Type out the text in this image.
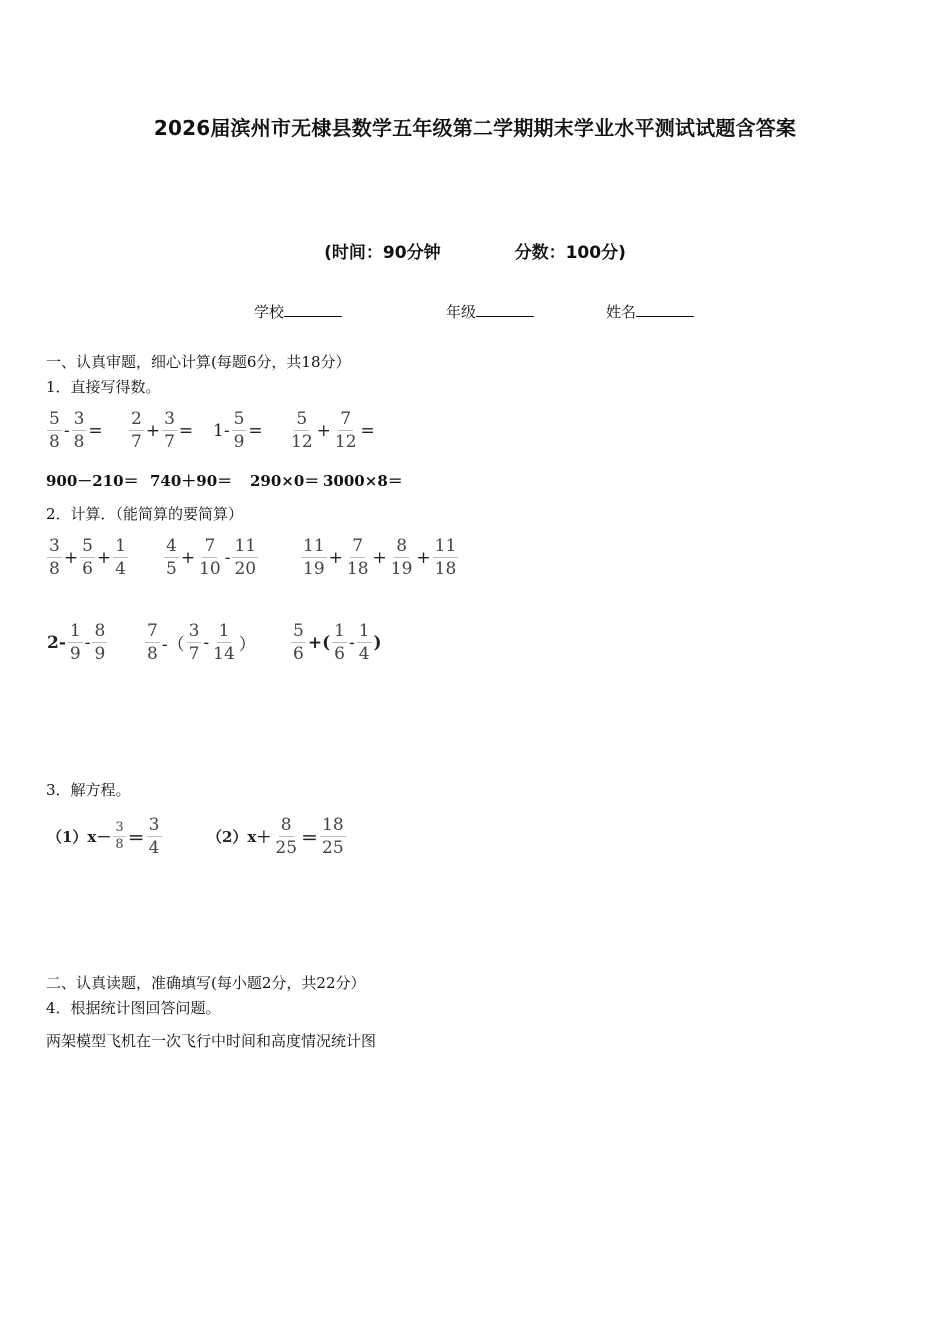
2026届滨州市无棣县数学五年级第二学期期末学业水平测试试题含答案
(时间：90分钟	分数：100分)
学校	年级	姓名
一、认真审题，细心计算(每题6分，共18分）
1．直接写得数。
$\frac{5}{8} - \frac{3}{8} = \frac{2}{7} + \frac{3}{7} = 1- \frac{5}{9} = \frac{5}{12} + \frac{7}{12}$ =
900－210＝ 740＋90＝ 290×0＝ 3000×8＝
2．计算．（能简算的要简算）
$\frac{3}{8} + \frac{5}{6} + \frac{1}{4} \frac{4}{5} + \frac{7}{10} - \frac{11}{20}$	$\frac{11}{19} + \frac{7}{18} + \frac{8}{19} + \frac{11}{18}$
$2- \frac{1}{9} - \frac{8}{9} \frac{7}{8}$ -（ $\frac{3}{7} - \frac{1}{14}$ ） $\frac{5}{6}$ +( $\frac{1}{6} - \frac{1}{4}$ )
3．解方程。
$(1)x- \frac{3}{8} = \frac{3}{4}$	$(2)x+ \frac{8}{25} = \frac{18}{25}$
二、认真读题，准确填写(每小题2分，共22分）
4．根据统计图回答问题。
两架模型飞机在一次飞行中时间和高度情况统计图
